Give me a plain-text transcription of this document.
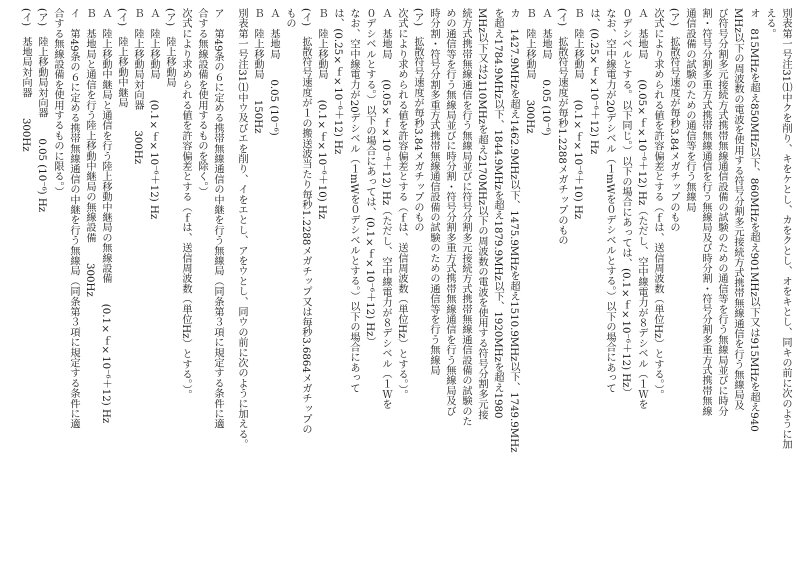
別表第一号注31⑴中クを削り、キをケとし、カをクとし、オをキとし、同キの前に次のように加

える。

オ　815MHzを超え850MHz以下、860MHzを超え901MHz以下又は915MHzを超え940

MHz以下の周波数の電波を使用する符号分割多元接続方式携帯無線通信を行う無線局及

び符号分割多元接続方式携帯無線通信設備の試験のための通信等を行う無線局並びに時分

割・符号分割多重方式携帯無線通信を行う無線局及び時分割・符号分割多重方式携帯無線

通信設備の試験のための通信等を行う無線局

(ア)　拡散符号速度が毎秒3.84メガチップのもの

次式により求められる値を許容偏差とする（ｆは、送信周波数（単位Hz）とする。）。

Ａ　基地局　　(0.05×ｆ×10⁻⁶＋12) Hz（ただし、空中線電力が８デシベル（１Ｗを

０デシベルとする。以下同じ。）以下の場合にあっては、(0.1×ｆ×10⁻⁶＋12) Hz）

なお、空中線電力が20デシベル（１mWを０デシベルとする。）以下の場合にあって

は、(0.25×ｆ×10⁻⁶＋12) Hz

Ｂ　陸上移動局　　(0.1×ｆ×10⁻⁶＋10) Hz

(イ)　拡散符号速度が毎秒1.2288メガチップのもの

Ａ　基地局　　0.05 (10⁻⁶)

Ｂ　陸上移動局　　300Hz

カ　1427.9MHzを超え1462.9MHz以下、1475.9MHzを超え1510.9MHz以下、1749.9MHz

を超え1784.9MHz以下、1844.9MHzを超え1879.9MHz以下、1920MHzを超え1980

MHz以下又は2110MHzを超え2170MHz以下の周波数の電波を使用する符号分割多元接

続方式携帯無線通信を行う無線局並びに符号分割多元接続方式携帯無線通信設備の試験のた

めの通信等を行う無線局並びに時分割・符号分割多重方式携帯無線通信を行う無線局及び

時分割・符号分割多重方式携帯無線通信設備の試験のための通信等を行う無線局

(ア)　拡散符号速度が毎秒3.84メガチップのもの

次式により求められる値を許容偏差とする（ｆは、送信周波数（単位Hz）とする。）。

Ａ　基地局　　(0.05×ｆ×10⁻⁶＋12) Hz（ただし、空中線電力が８デシベル（１Ｗを

０デシベルとする。）以下の場合にあっては、(0.1×ｆ×10⁻⁶＋12) Hz）

なお、空中線電力が20デシベル（１mWを０デシベルとする。）以下の場合にあって

は、(0.25×ｆ×10⁻⁶＋12) Hz

Ｂ　陸上移動局　　(0.1×ｆ×10⁻⁶＋10) Hz

(イ)　拡散符号速度が１の搬送波当たり毎秒1.2288メガチップ又は毎秒3.6864メガチップの

もの

Ａ　基地局　　0.05 (10⁻⁶)

Ｂ　陸上移動局　　150Hz

別表第一号注31⑴中ウ及びエを削り、イをエとし、アをウとし、同ウの前に次のように加える。

ア　第49条の６に定める携帯無線通信の中継を行う無線局（同条第３項に規定する条件に適

合する無線設備を使用するものを除く。）

次式により求められる値を許容偏差とする（ｆは、送信周波数（単位Hz）とする。）。

(ア)　陸上移動局

Ａ　陸上移動局　　(0.1×ｆ×10⁻⁶＋12) Hz

Ｂ　陸上移動局対向器　　300Hz

(イ)　陸上移動中継局

Ａ　陸上移動中継局と通信を行う陸上移動中継局の無線設備　　(0.1×ｆ×10⁻⁶＋12) Hz

Ｂ　基地局と通信を行う陸上移動中継局の無線設備　　300Hz

イ　第49条の６に定める携帯無線通信の中継を行う無線局（同条第３項に規定する条件に適

合する無線設備を使用するものに限る。）

(ア)　陸上移動局対向器　　0.05 (10⁻⁶) Hz

(イ)　基地局対向器　　300Hz
